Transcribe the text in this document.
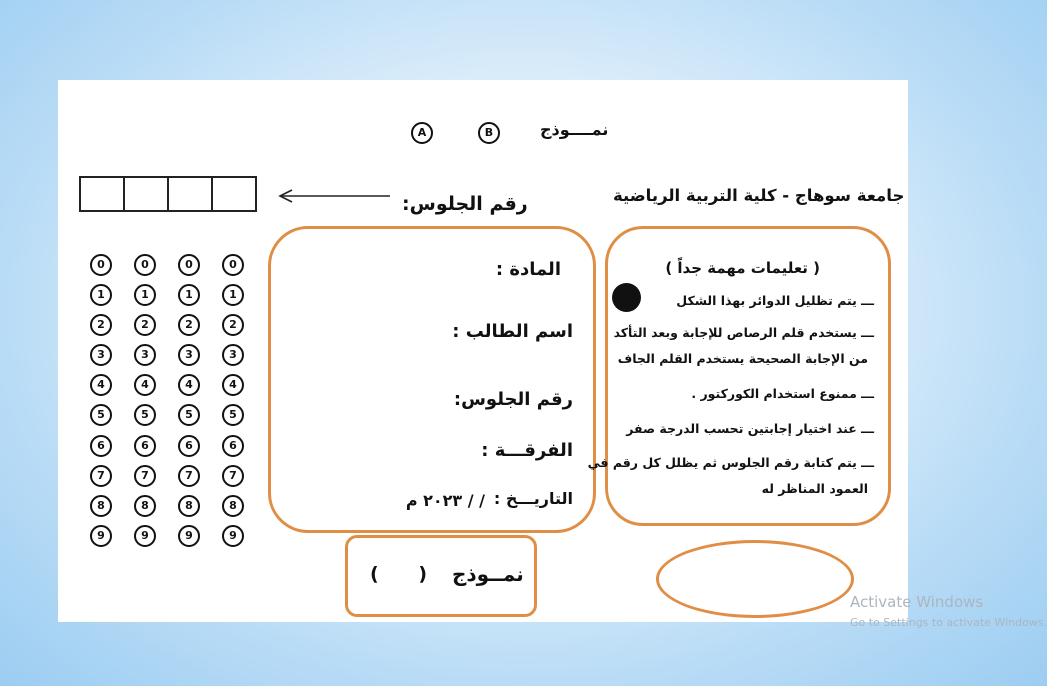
نمــــوذج
B
A
رقم الجلوس:	جامعة سوهاج - كلية التربية الرياضية
0
1
2
3
4
5
6
7
8
9
0
1
2
3
4
5
6
7
8
9
0
1
2
3
4
5
6
7
8
9
0
1
2
3
4
5
6
7
8
9
المادة :
اسم الطالب :
رقم الجلوس:
الفرقـــة :
التاريـــخ :
/ / ٢٠٢٣ م
( تعليمات مهمة جداً )
ـــ يتم تظليل الدوائر بهذا الشكل
ـــ يستخدم قلم الرصاص للإجابة وبعد التأكد
من الإجابة الصحيحة يستخدم القلم الجاف
ـــ ممنوع استخدام الكوركتور .
ـــ عند اختيار إجابتين تحسب الدرجة صفر
ـــ يتم كتابة رقم الجلوس ثم يظلل كل رقم في
العمود المناظر له
نمــوذج
(      )
Activate Windows
Go to Settings to activate Windows.
